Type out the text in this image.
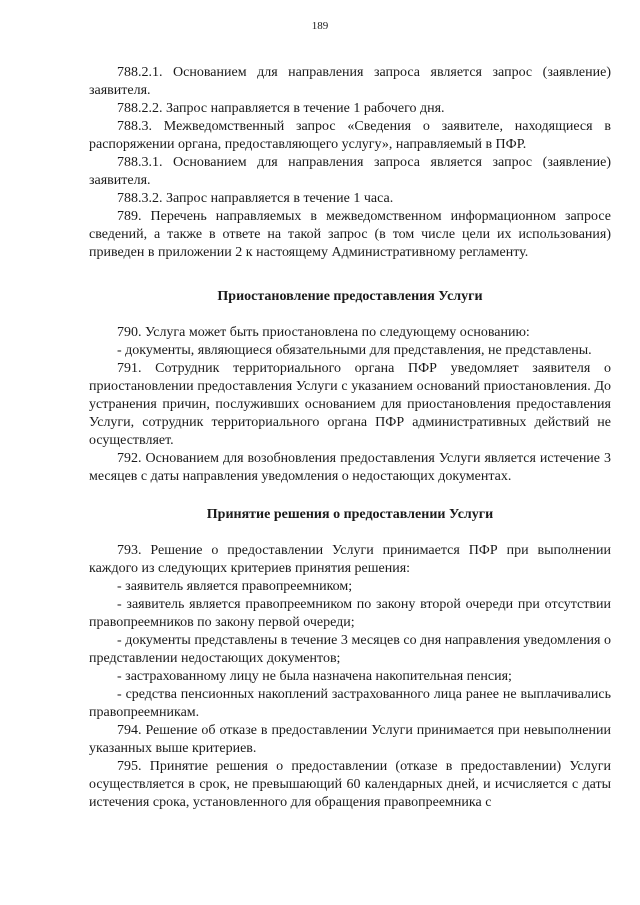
189

788.2.1. Основанием для направления запроса является запрос (заявление) заявителя.

788.2.2. Запрос направляется в течение 1 рабочего дня.

788.3. Межведомственный запрос «Сведения о заявителе, находящиеся в распоряжении органа, предоставляющего услугу», направляемый в ПФР.

788.3.1. Основанием для направления запроса является запрос (заявление) заявителя.

788.3.2. Запрос направляется в течение 1 часа.

789. Перечень направляемых в межведомственном информационном запросе сведений, а также в ответе на такой запрос (в том числе цели их использования) приведен в приложении 2 к настоящему Административному регламенту.

Приостановление предоставления Услуги

790. Услуга может быть приостановлена по следующему основанию:

- документы, являющиеся обязательными для представления, не представлены.

791. Сотрудник территориального органа ПФР уведомляет заявителя о приостановлении предоставления Услуги с указанием оснований приостановления. До устранения причин, послуживших основанием для приостановления предоставления Услуги, сотрудник территориального органа ПФР административных действий не осуществляет.

792. Основанием для возобновления предоставления Услуги является истечение 3 месяцев с даты направления уведомления о недостающих документах.

Принятие решения о предоставлении Услуги

793. Решение о предоставлении Услуги принимается ПФР при выполнении каждого из следующих критериев принятия решения:

- заявитель является правопреемником;

- заявитель является правопреемником по закону второй очереди при отсутствии правопреемников по закону первой очереди;

- документы представлены в течение 3 месяцев со дня направления уведомления о представлении недостающих документов;

- застрахованному лицу не была назначена накопительная пенсия;

- средства пенсионных накоплений застрахованного лица ранее не выплачивались правопреемникам.

794. Решение об отказе в предоставлении Услуги принимается при невыполнении указанных выше критериев.

795. Принятие решения о предоставлении (отказе в предоставлении) Услуги осуществляется в срок, не превышающий 60 календарных дней, и исчисляется с даты истечения срока, установленного для обращения правопреемника с
